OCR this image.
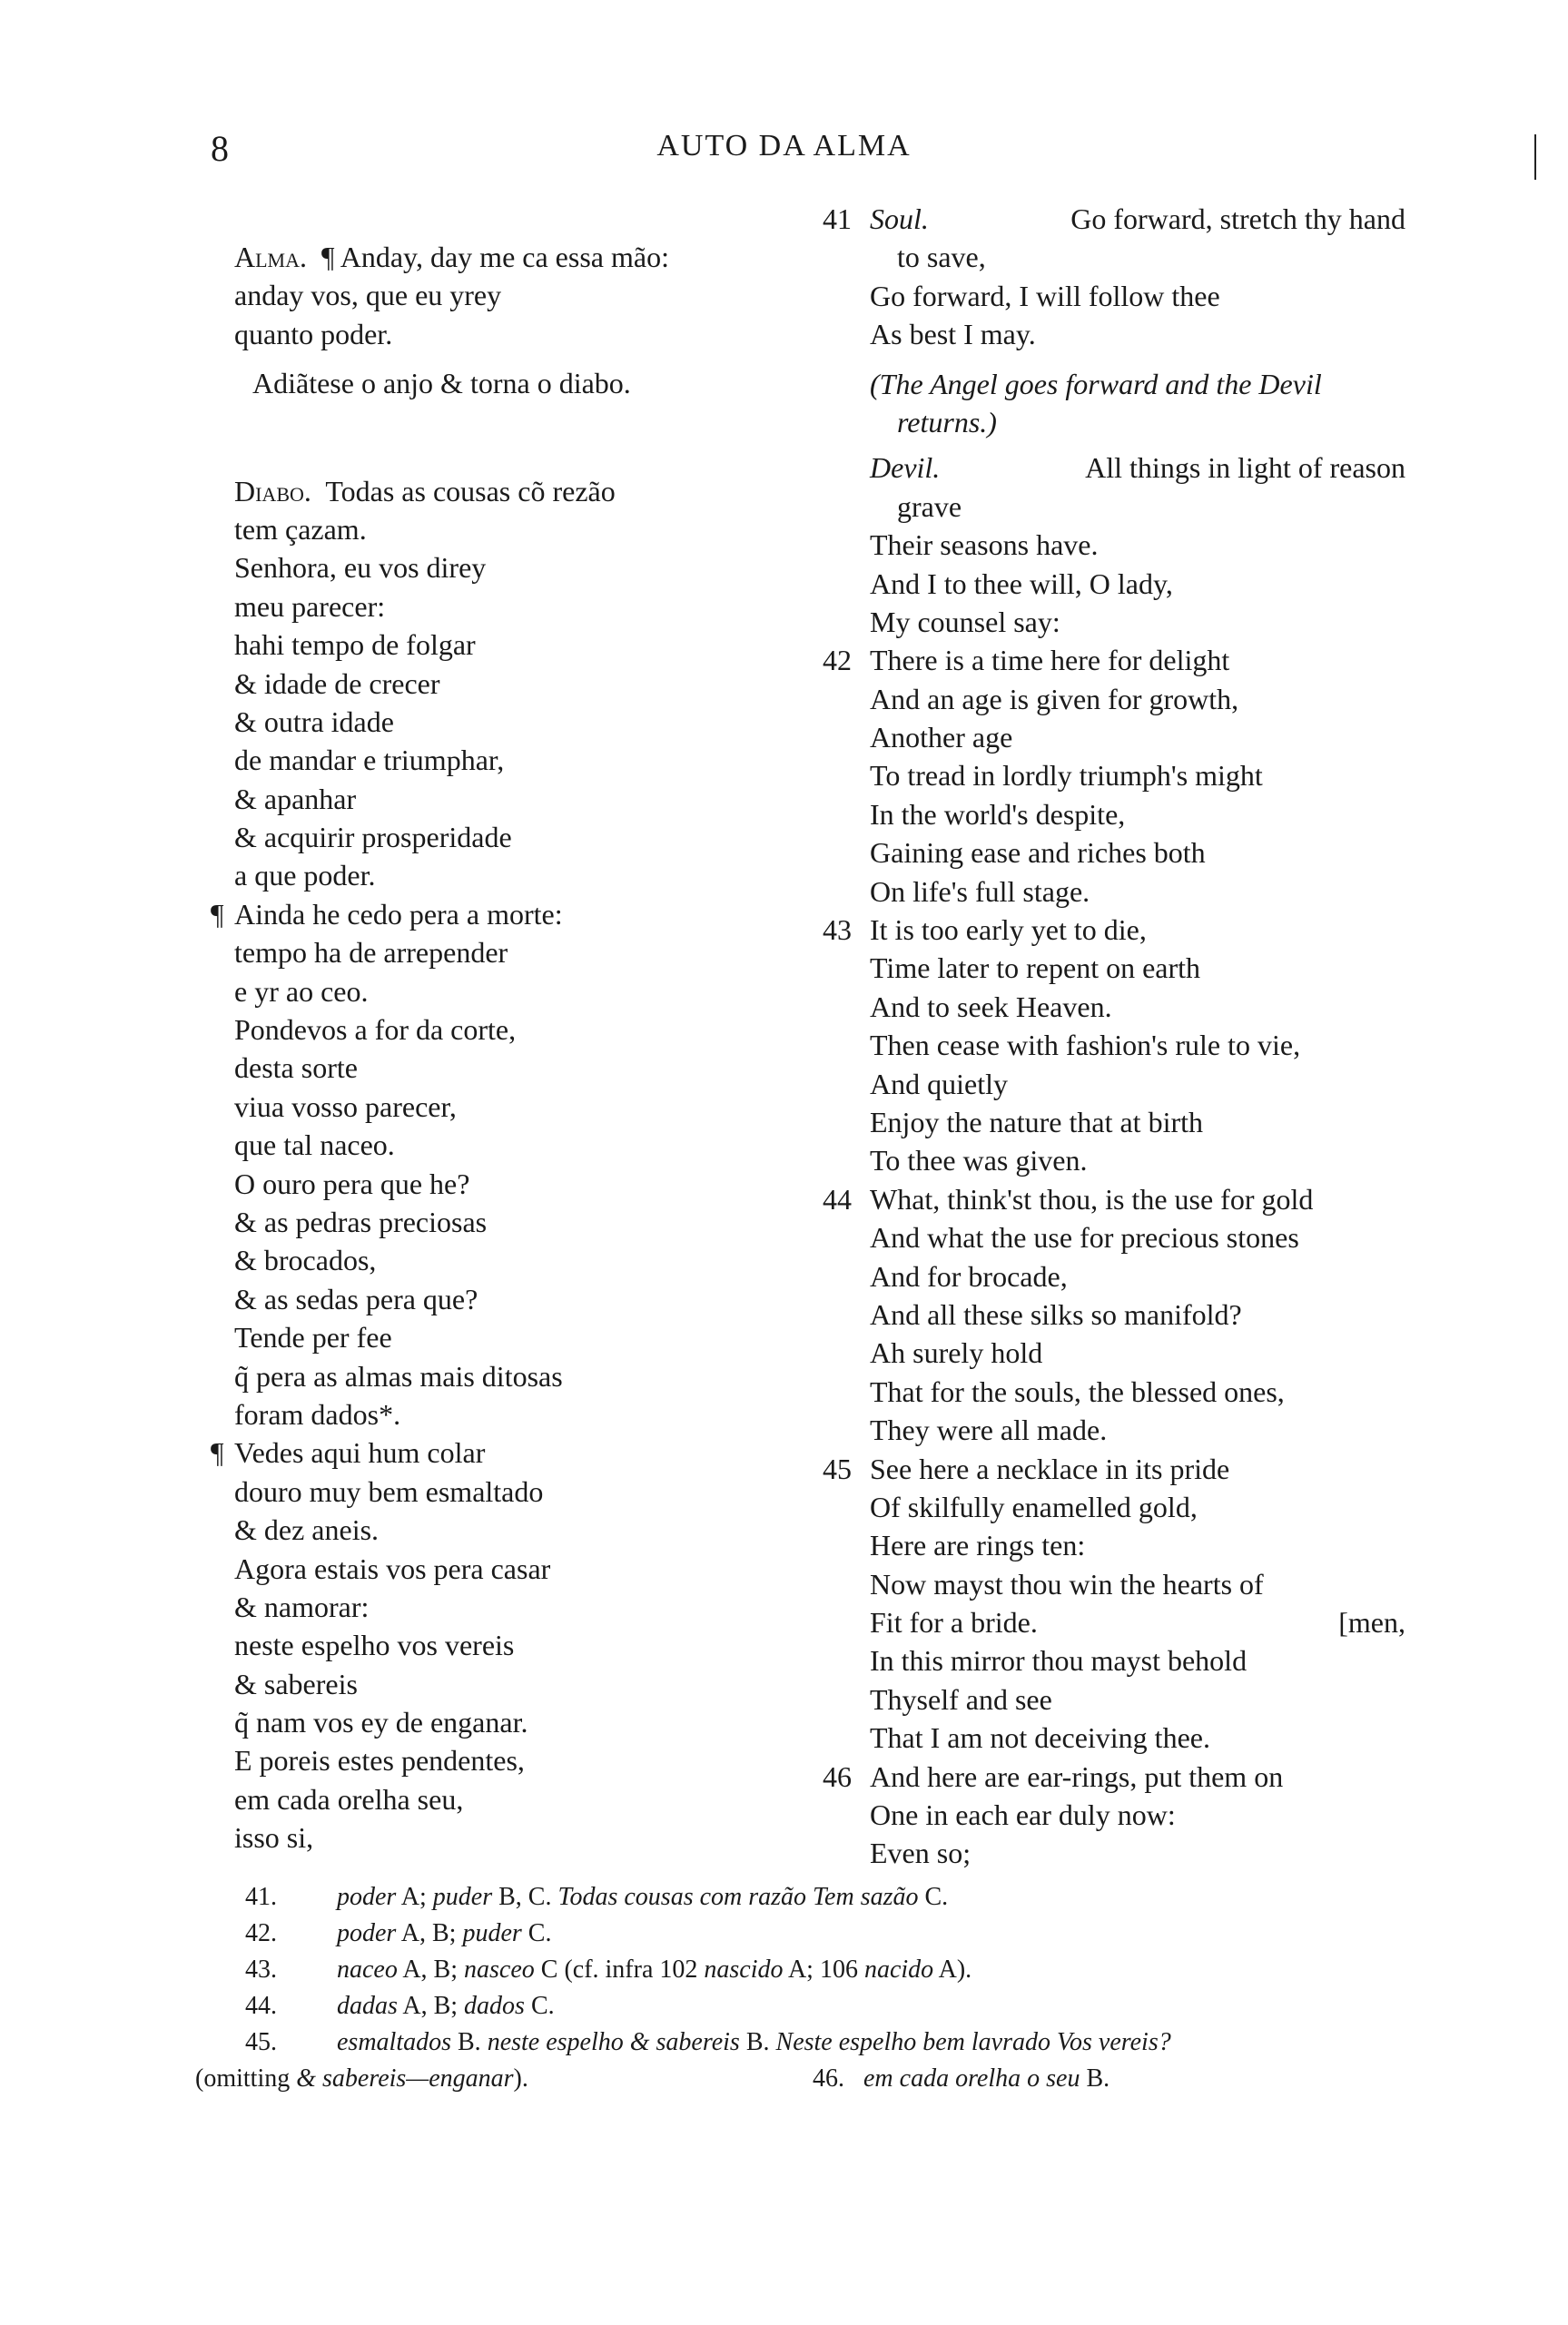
8	AUTO DA ALMA
Alma. ¶ Anday, day me ca essa mão:
anday vos, que eu yrey
quanto poder.
Adiãtese o anjo & torna o diabo.
Diabo. Todas as cousas cõ rezão
tem çazam.
Senhora, eu vos direy
meu parecer:
hahi tempo de folgar
& idade de crecer
& outra idade
de mandar e triumphar,
& apanhar
& acquirir prosperidade
a que poder.
¶ Ainda he cedo pera a morte:
tempo ha de arrepender
e yr ao ceo.
Pondevos a for da corte,
desta sorte
viua vosso parecer,
que tal naceo.
O ouro pera que he?
& as pedras preciosas
& brocados,
& as sedas pera que?
Tende per fee
q̃ pera as almas mais ditosas
foram dados*.
¶ Vedes aqui hum colar
douro muy bem esmaltado
& dez aneis.
Agora estais vos pera casar
& namorar:
neste espelho vos vereis
& sabereis
q̃ nam vos ey de enganar.
E poreis estes pendentes,
em cada orelha seu,
isso si,
41 Soul.	Go forward, stretch thy hand
to save,
Go forward, I will follow thee
As best I may.
(The Angel goes forward and the Devil
returns.)
Devil.	All things in light of reason
grave
Their seasons have.
And I to thee will, O lady,
My counsel say:
42 There is a time here for delight
And an age is given for growth,
Another age
To tread in lordly triumph's might
In the world's despite,
Gaining ease and riches both
On life's full stage.
43 It is too early yet to die,
Time later to repent on earth
And to seek Heaven.
Then cease with fashion's rule to vie,
And quietly
Enjoy the nature that at birth
To thee was given.
44 What, think'st thou, is the use for gold
And what the use for precious stones
And for brocade,
And all these silks so manifold?
Ah surely hold
That for the souls, the blessed ones,
They were all made.
45 See here a necklace in its pride
Of skilfully enamelled gold,
Here are rings ten:
Now mayst thou win the hearts of
Fit for a bride.	[men,
In this mirror thou mayst behold
Thyself and see
That I am not deceiving thee.
46 And here are ear-rings, put them on
One in each ear duly now:
Even so;
41. poder A; puder B, C. Todas cousas com razão Tem sazão C.
42. poder A, B; puder C.
43. naceo A, B; nasceo C (cf. infra 102 nascido A; 106 nacido A).
44. dadas A, B; dados C.
45. esmaltados B. neste espelho & sabereis B. Neste espelho bem lavrado Vos vereis?
(omitting & sabereis—enganar).	46. em cada orelha o seu B.
